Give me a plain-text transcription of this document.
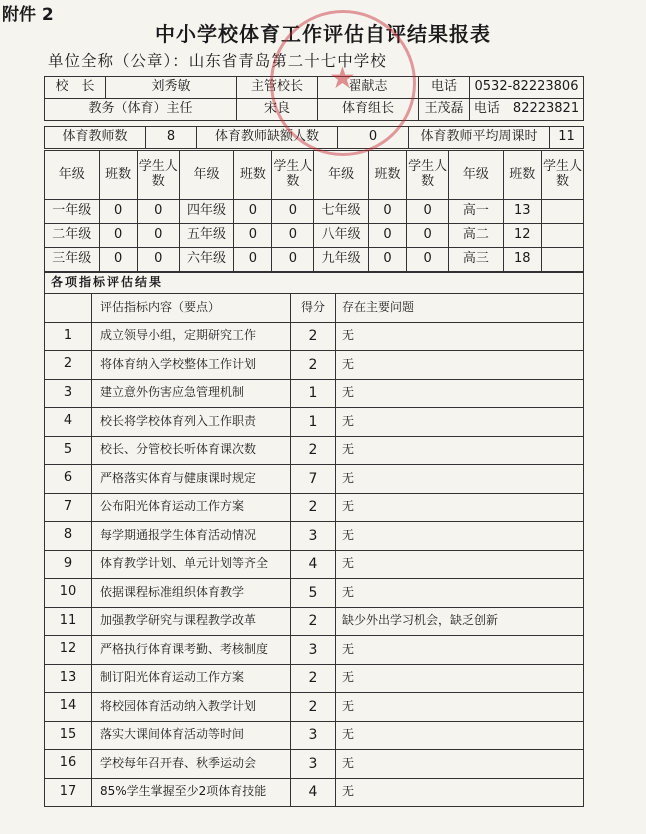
附件 2
中小学校体育工作评估自评结果报表
单位全称（公章）：山东省青岛第二十七中学校
校　长	刘秀敏	主管校长	翟献志	电话	0532-82223806
教务（体育）主任		宋良	体育组长	王茂磊	电话　 82223821
体育教师数	8	体育教师缺额人数	0	体育教师平均周课时	11
年级	班数	学生人数	年级	班数	学生人数	年级	班数	学生人数	年级	班数	学生人数
一年级	0	0	四年级	0	0	七年级	0	0	高一	13	
二年级	0	0	五年级	0	0	八年级	0	0	高二	12	
三年级	0	0	六年级	0	0	九年级	0	0	高三	18	
各项指标评估结果			
	评估指标内容（要点）	得分	存在主要问题
1	成立领导小组，定期研究工作	2	无
2	将体育纳入学校整体工作计划	2	无
3	建立意外伤害应急管理机制	1	无
4	校长将学校体育列入工作职责	1	无
5	校长、分管校长听体育课次数	2	无
6	严格落实体育与健康课时规定	7	无
7	公布阳光体育运动工作方案	2	无
8	每学期通报学生体育活动情况	3	无
9	体育教学计划、单元计划等齐全	4	无
10	依据课程标准组织体育教学	5	无
11	加强教学研究与课程教学改革	2	缺少外出学习机会，缺乏创新
12	严格执行体育课考勤、考核制度	3	无
13	制订阳光体育运动工作方案	2	无
14	将校园体育活动纳入教学计划	2	无
15	落实大课间体育活动等时间	3	无
16	学校每年召开春、秋季运动会	3	无
17	85%学生掌握至少2项体育技能	4	无
★
